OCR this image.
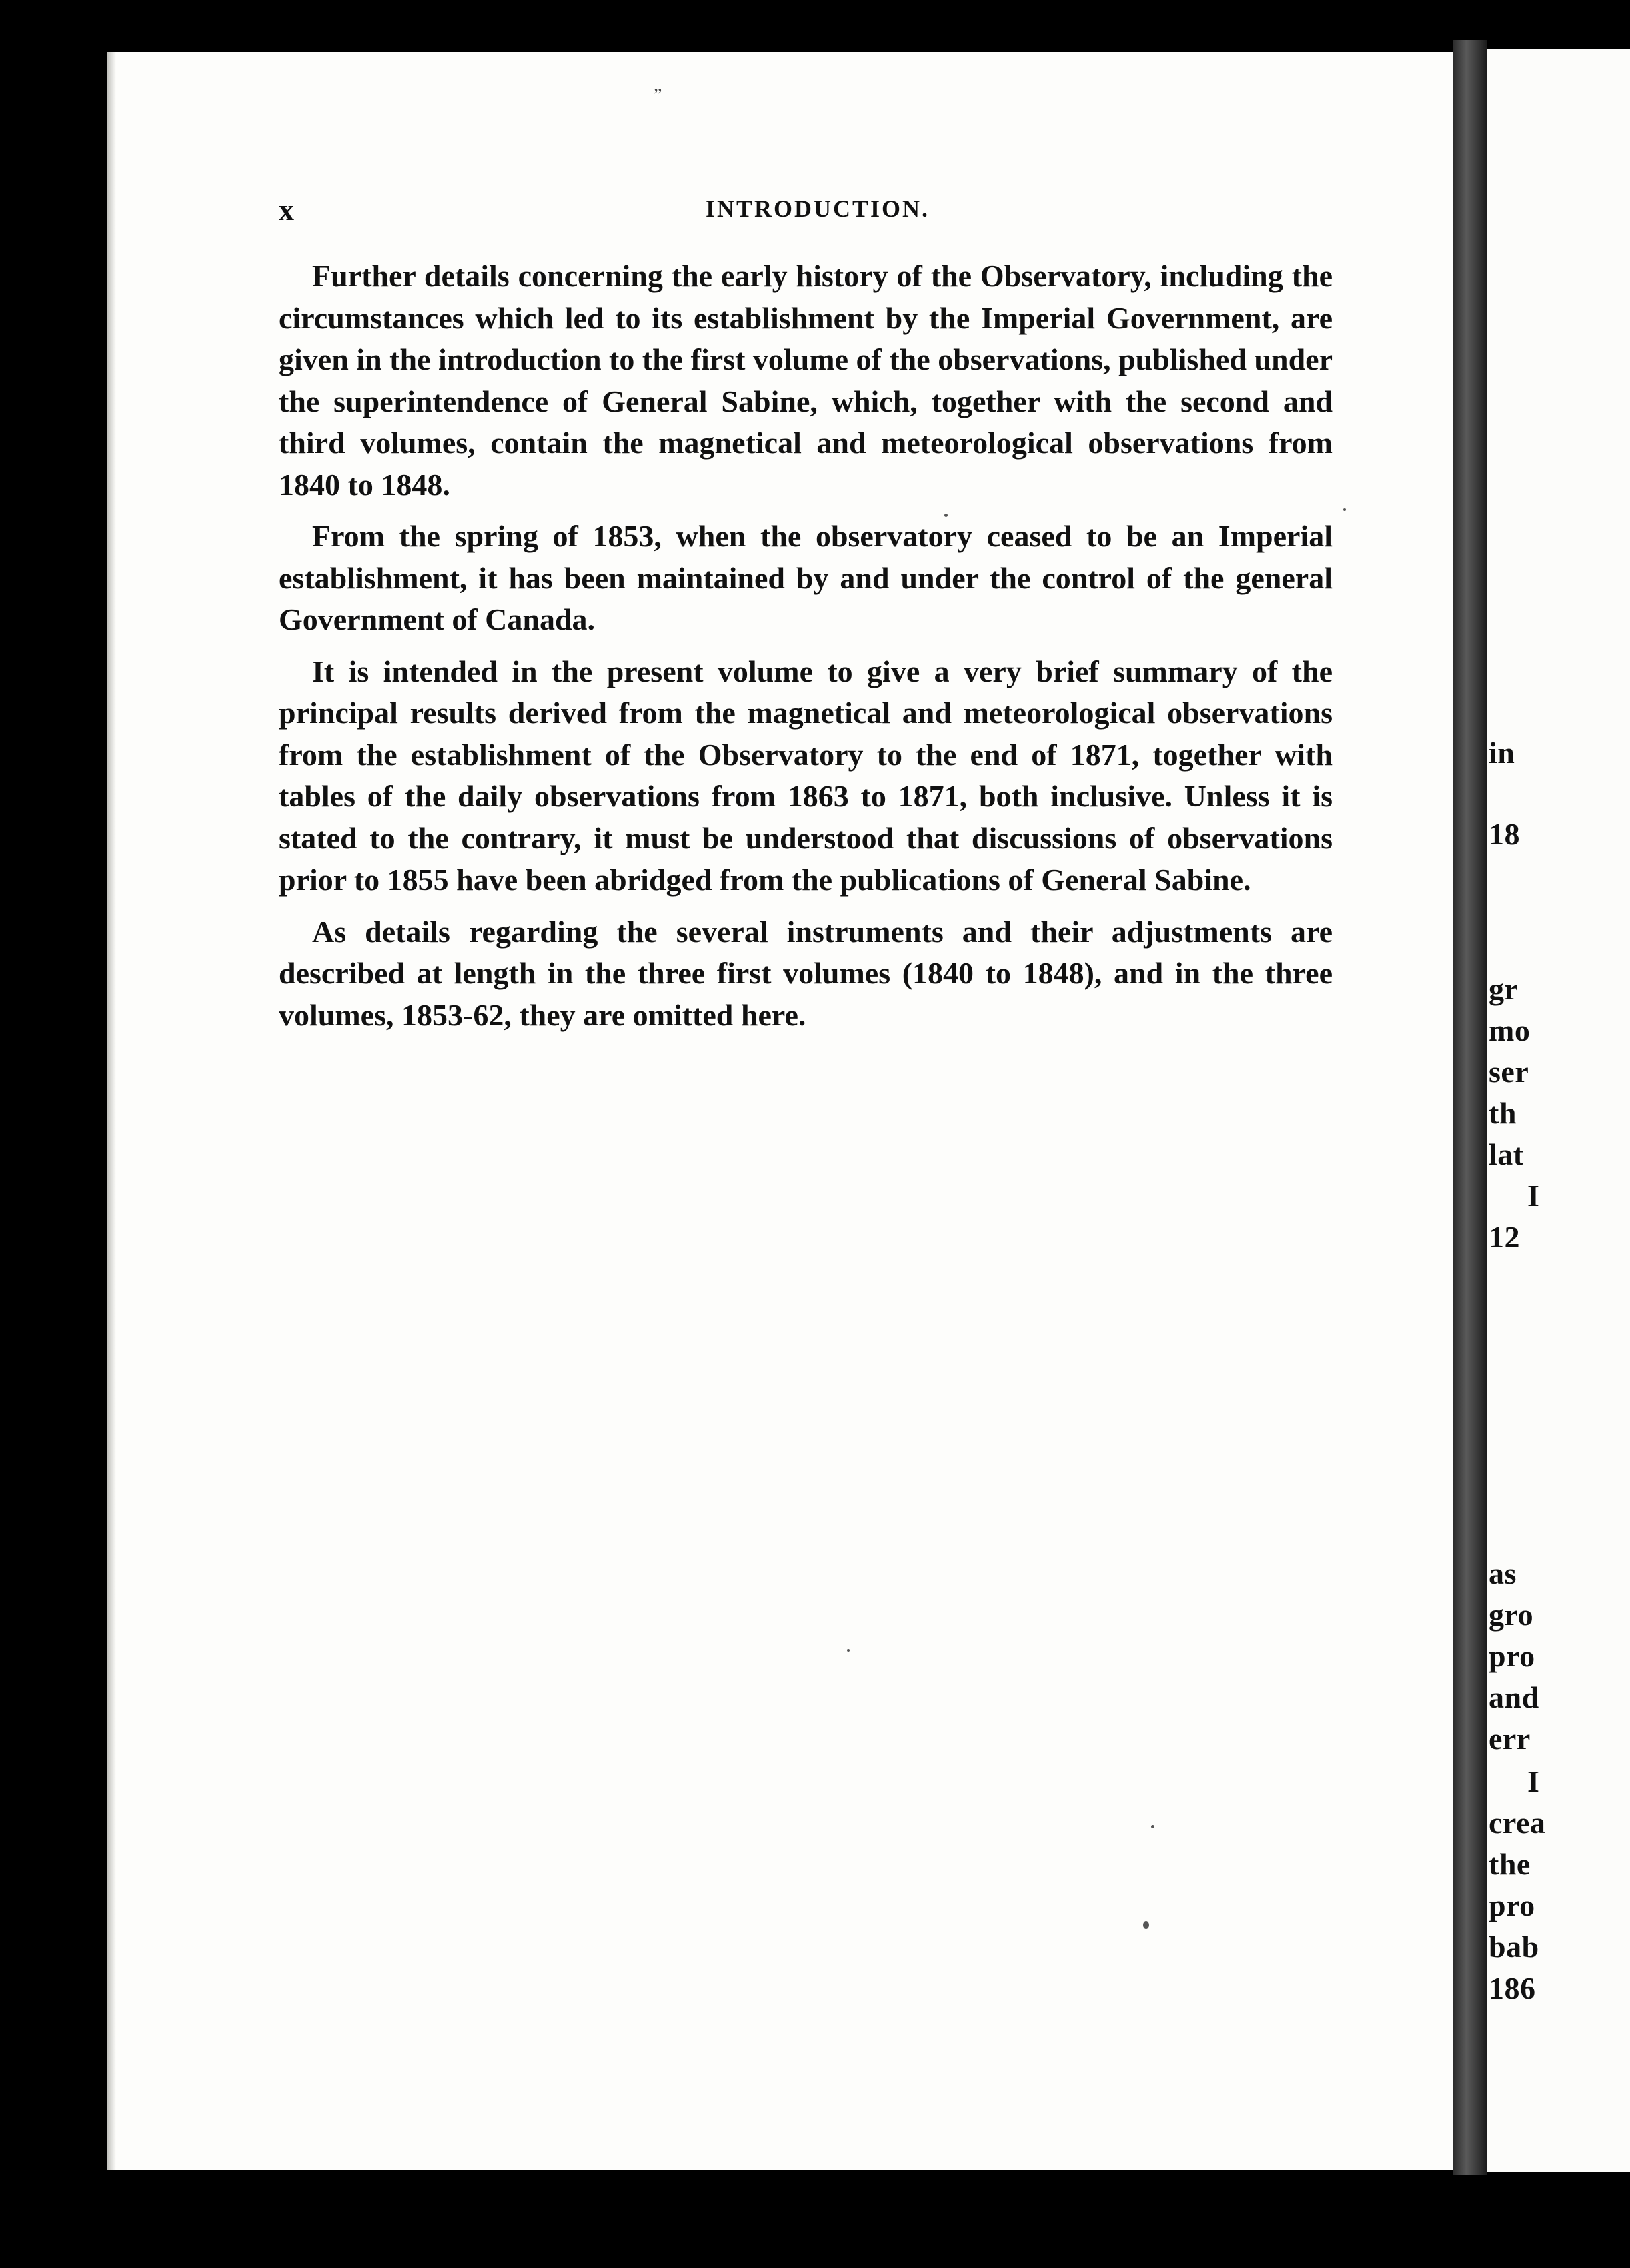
”
x	INTRODUCTION.

Further details concerning the early history of the Observatory, including the circumstances which led to its establishment by the Imperial Government, are given in the introduction to the first volume of the observations, published under the superintendence of General Sabine, which, together with the second and third volumes, contain the magnetical and meteorological observations from 1840 to 1848.

From the spring of 1853, when the observatory ceased to be an Imperial establishment, it has been maintained by and under the control of the general Government of Canada.

It is intended in the present volume to give a very brief summary of the principal results derived from the magnetical and meteorological observations from the establishment of the Observatory to the end of 1871, together with tables of the daily observations from 1863 to 1871, both inclusive. Unless it is stated to the contrary, it must be understood that discussions of observations prior to 1855 have been abridged from the publications of General Sabine.

As details regarding the several instruments and their adjustments are described at length in the three first volumes (1840 to 1848), and in the three volumes, 1853-62, they are omitted here.

in
18
gr
mo
ser
th
lat
I
12
as
gro
pro
and
err
I
crea
the
pro
bab
186
